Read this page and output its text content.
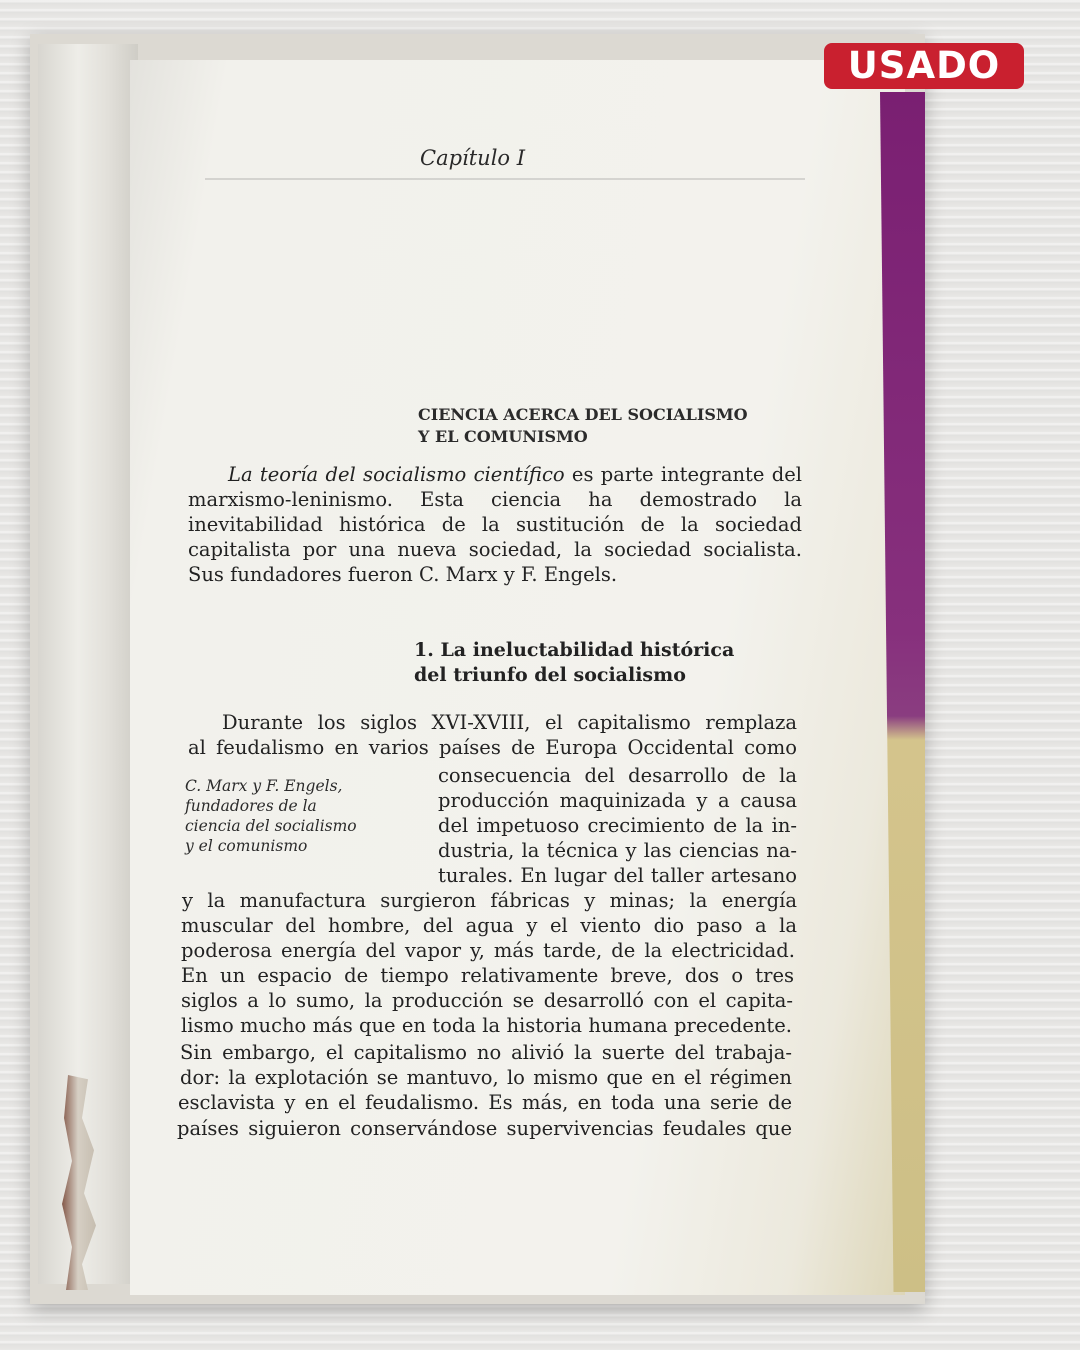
USADO
Capítulo I
CIENCIA ACERCA DEL SOCIALISMO
Y EL COMUNISMO
La teoría del socialismo científico es parte integrante del marxismo-leninismo. Esta ciencia ha demostrado la inevitabilidad histórica de la sustitución de la sociedad capitalista por una nueva sociedad, la sociedad socialista. Sus fundadores fueron C. Marx y F. Engels.
1. La ineluctabilidad histórica
del triunfo del socialismo
C. Marx y F. Engels,
fundadores de la
ciencia del socialismo
y el comunismo
Durante los siglos XVI-XVIII, el capitalismo remplaza
al feudalismo en varios países de Europa Occidental como
consecuencia del desarrollo de la
producción maquinizada y a causa
del impetuoso crecimiento de la in-
dustria, la técnica y las ciencias na-
turales. En lugar del taller artesano
y la manufactura surgieron fábricas y minas; la energía
muscular del hombre, del agua y el viento dio paso a la
poderosa energía del vapor y, más tarde, de la electricidad.
En un espacio de tiempo relativamente breve, dos o tres
siglos a lo sumo, la producción se desarrolló con el capita-
lismo mucho más que en toda la historia humana precedente.
Sin embargo, el capitalismo no alivió la suerte del trabaja-
dor: la explotación se mantuvo, lo mismo que en el régimen
esclavista y en el feudalismo. Es más, en toda una serie de
países siguieron conservándose supervivencias feudales que
